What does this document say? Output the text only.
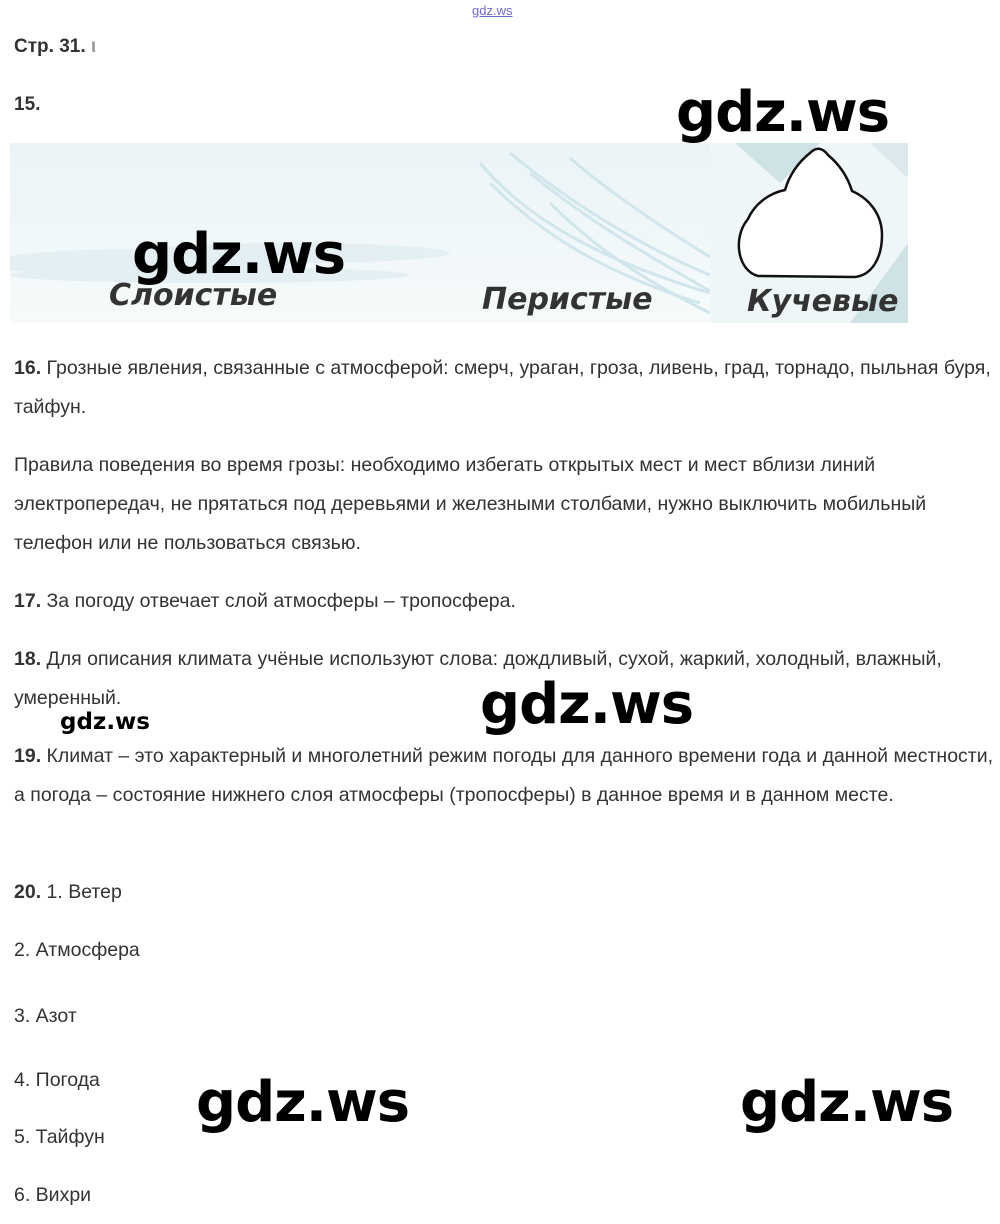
gdz.ws
Стр. 31. ι
15.
Слоистые	Перистые	Кучевые

16. Грозные явления, связанные с атмосферой: смерч, ураган, гроза, ливень, град, торнадо, пыльная буря, тайфун.

Правила поведения во время грозы: необходимо избегать открытых мест и мест вблизи линий электропередач, не прятаться под деревьями и железными столбами, нужно выключить мобильный телефон или не пользоваться связью.

17. За погоду отвечает слой атмосферы – тропосфера.

18. Для описания климата учёные используют слова: дождливый, сухой, жаркий, холодный, влажный, умеренный.

19. Климат – это характерный и многолетний режим погоды для данного времени года и данной местности, а погода – состояние нижнего слоя атмосферы (тропосферы) в данное время и в данном месте.

20. 1. Ветер
2. Атмосфера
3. Азот
4. Погода
5. Тайфун
6. Вихри
gdz.ws
gdz.ws
gdz.ws
gdz.ws
gdz.ws	gdz.ws
